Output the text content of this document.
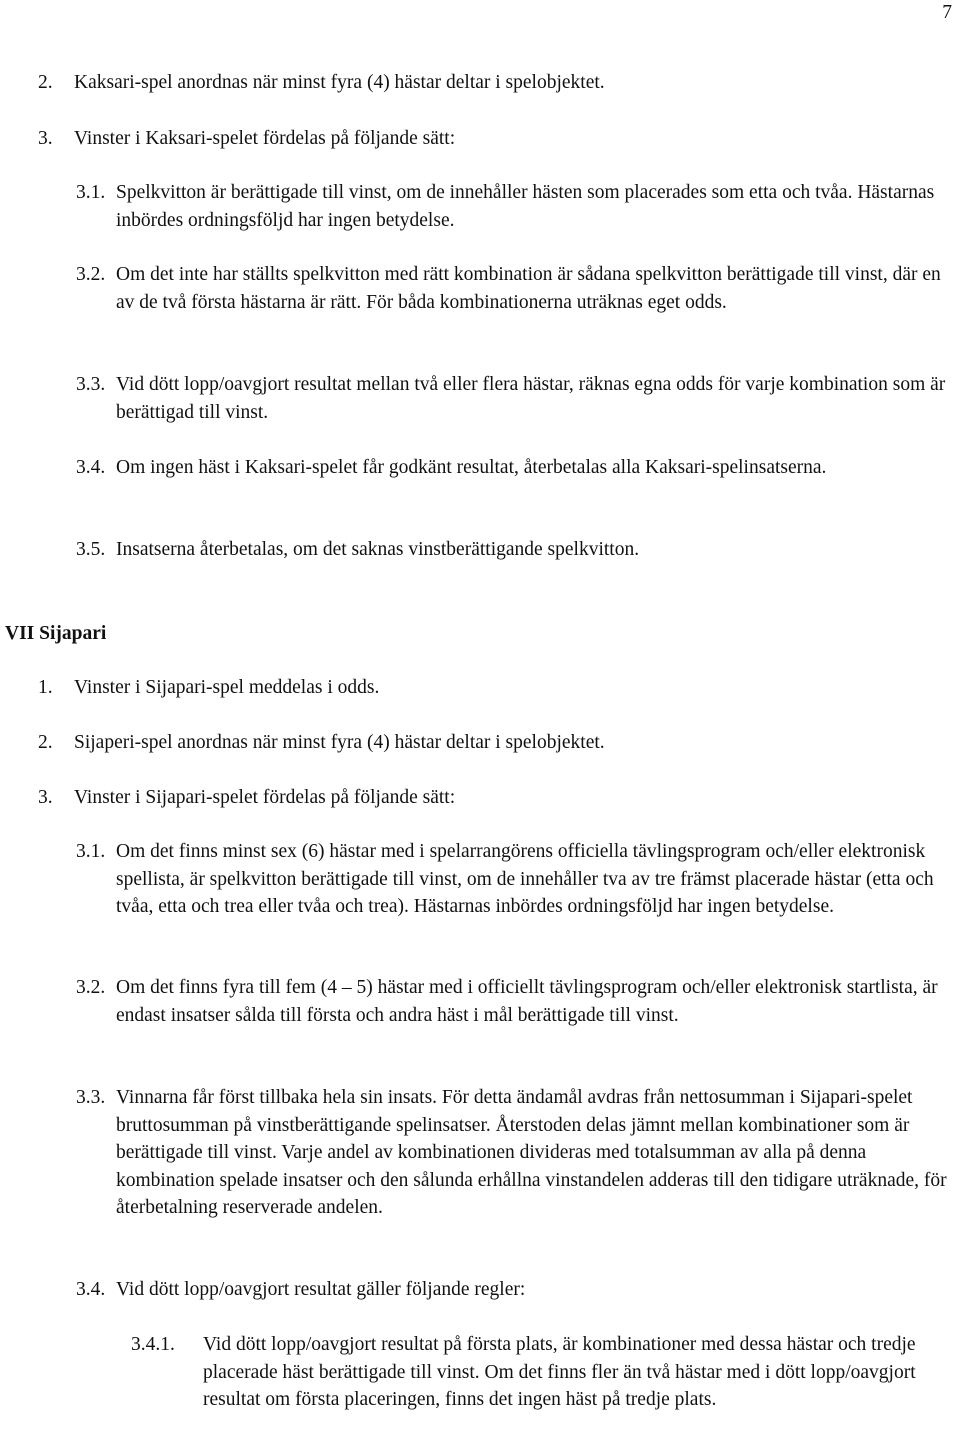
7
2. Kaksari-spel anordnas när minst fyra (4) hästar deltar i spelobjektet.
3. Vinster i Kaksari-spelet fördelas på följande sätt:
3.1. Spelkvitton är berättigade till vinst, om de innehåller hästen som placerades som etta och tvåa. Hästarnas inbördes ordningsföljd har ingen betydelse.
3.2. Om det inte har ställts spelkvitton med rätt kombination är sådana spelkvitton berättigade till vinst, där en av de två första hästarna är rätt. För båda kombinationerna uträknas eget odds.
3.3. Vid dött lopp/oavgjort resultat mellan två eller flera hästar, räknas egna odds för varje kombination som är berättigad till vinst.
3.4. Om ingen häst i Kaksari-spelet får godkänt resultat, återbetalas alla Kaksari-spelinsatserna.
3.5. Insatserna återbetalas, om det saknas vinstberättigande spelkvitton.
VII Sijapari
1. Vinster i Sijapari-spel meddelas i odds.
2. Sijaperi-spel anordnas när minst fyra (4) hästar deltar i spelobjektet.
3. Vinster i Sijapari-spelet fördelas på följande sätt:
3.1. Om det finns minst sex (6) hästar med i spelarrangörens officiella tävlingsprogram och/eller elektronisk spellista, är spelkvitton berättigade till vinst, om de innehåller tva av tre främst placerade hästar (etta och tvåa, etta och trea eller tvåa och trea). Hästarnas inbördes ordningsföljd har ingen betydelse.
3.2. Om det finns fyra till fem (4 – 5) hästar med i officiellt tävlingsprogram och/eller elektronisk startlista, är endast insatser sålda till första och andra häst i mål berättigade till vinst.
3.3. Vinnarna får först tillbaka hela sin insats. För detta ändamål avdras från nettosumman i Sijapari-spelet bruttosumman på vinstberättigande spelinsatser. Återstoden delas jämnt mellan kombinationer som är berättigade till vinst. Varje andel av kombinationen divideras med totalsumman av alla på denna kombination spelade insatser och den sålunda erhållna vinstandelen adderas till den tidigare uträknade, för återbetalning reserverade andelen.
3.4. Vid dött lopp/oavgjort resultat gäller följande regler:
3.4.1. Vid dött lopp/oavgjort resultat på första plats, är kombinationer med dessa hästar och tredje placerade häst berättigade till vinst. Om det finns fler än två hästar med i dött lopp/oavgjort resultat om första placeringen, finns det ingen häst på tredje plats.
